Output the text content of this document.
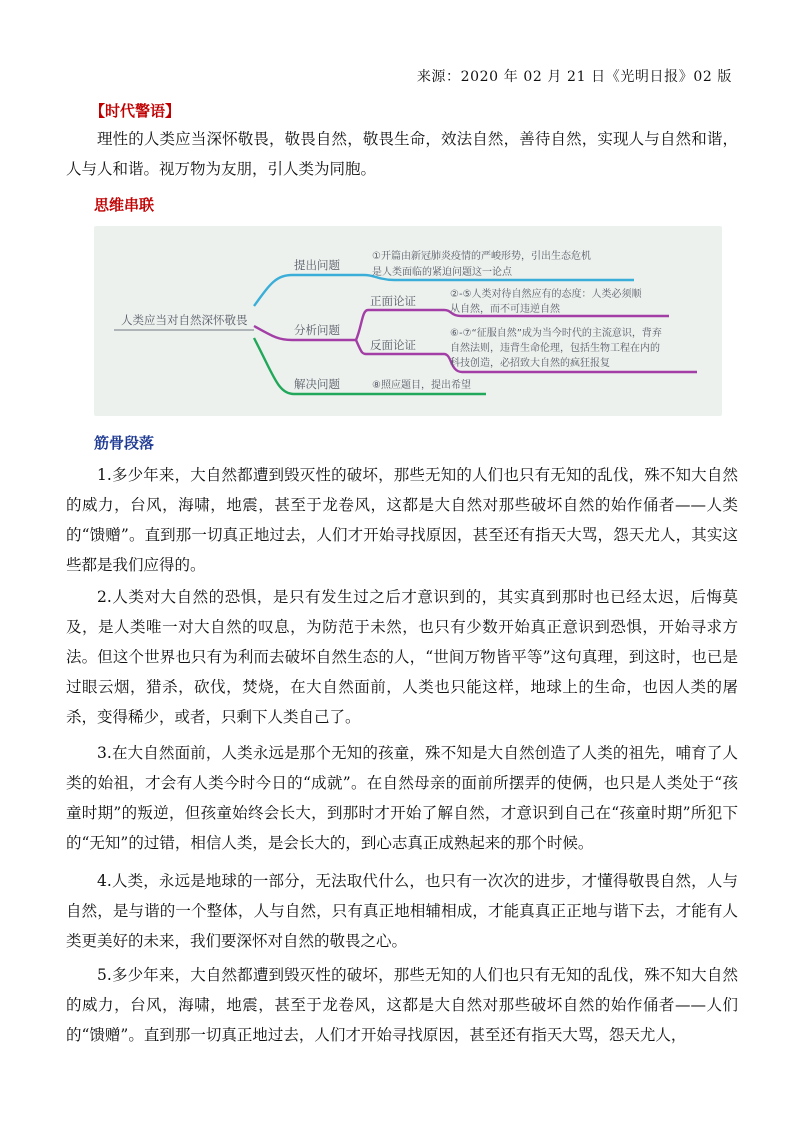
来源：2020 年 02 月 21 日《光明日报》02 版
【时代警语】

理性的人类应当深怀敬畏，敬畏自然，敬畏生命，效法自然，善待自然，实现人与自然和谐，人与人和谐。视万物为友朋，引人类为同胞。

思维串联
人类应当对自然深怀敬畏
提出问题
①开篇由新冠肺炎疫情的严峻形势，引出生态危机
是人类面临的紧迫问题这一论点
分析问题
正面论证
反面论证
②-⑤人类对待自然应有的态度：人类必须顺
从自然，而不可违逆自然
⑥-⑦“征服自然”成为当今时代的主流意识，背弃
自然法则，违背生命伦理，包括生物工程在内的
科技创造，必招致大自然的疯狂报复
解决问题	⑧照应题目，提出希望
筋骨段落

1.多少年来，大自然都遭到毁灭性的破坏，那些无知的人们也只有无知的乱伐，殊不知大自然的威力，台风，海啸，地震，甚至于龙卷风，这都是大自然对那些破坏自然的始作俑者——人类的“馈赠”。直到那一切真正地过去，人们才开始寻找原因，甚至还有指天大骂，怨天尤人，其实这些都是我们应得的。

2.人类对大自然的恐惧，是只有发生过之后才意识到的，其实真到那时也已经太迟，后悔莫及，是人类唯一对大自然的叹息，为防范于未然，也只有少数开始真正意识到恐惧，开始寻求方法。但这个世界也只有为利而去破坏自然生态的人，“世间万物皆平等”这句真理，到这时，也已是过眼云烟，猎杀，砍伐，焚烧，在大自然面前，人类也只能这样，地球上的生命，也因人类的屠杀，变得稀少，或者，只剩下人类自己了。

3.在大自然面前，人类永远是那个无知的孩童，殊不知是大自然创造了人类的祖先，哺育了人类的始祖，才会有人类今时今日的“成就”。在自然母亲的面前所摆弄的使俩，也只是人类处于“孩童时期”的叛逆，但孩童始终会长大，到那时才开始了解自然，才意识到自己在“孩童时期”所犯下的“无知”的过错，相信人类，是会长大的，到心志真正成熟起来的那个时候。

4.人类，永远是地球的一部分，无法取代什么，也只有一次次的进步，才懂得敬畏自然，人与自然，是与谐的一个整体，人与自然，只有真正地相辅相成，才能真真正正地与谐下去，才能有人类更美好的未来，我们要深怀对自然的敬畏之心。

5.多少年来，大自然都遭到毁灭性的破坏，那些无知的人们也只有无知的乱伐，殊不知大自然的威力，台风，海啸，地震，甚至于龙卷风，这都是大自然对那些破坏自然的始作俑者——人们的“馈赠”。直到那一切真正地过去，人们才开始寻找原因，甚至还有指天大骂，怨天尤人，
